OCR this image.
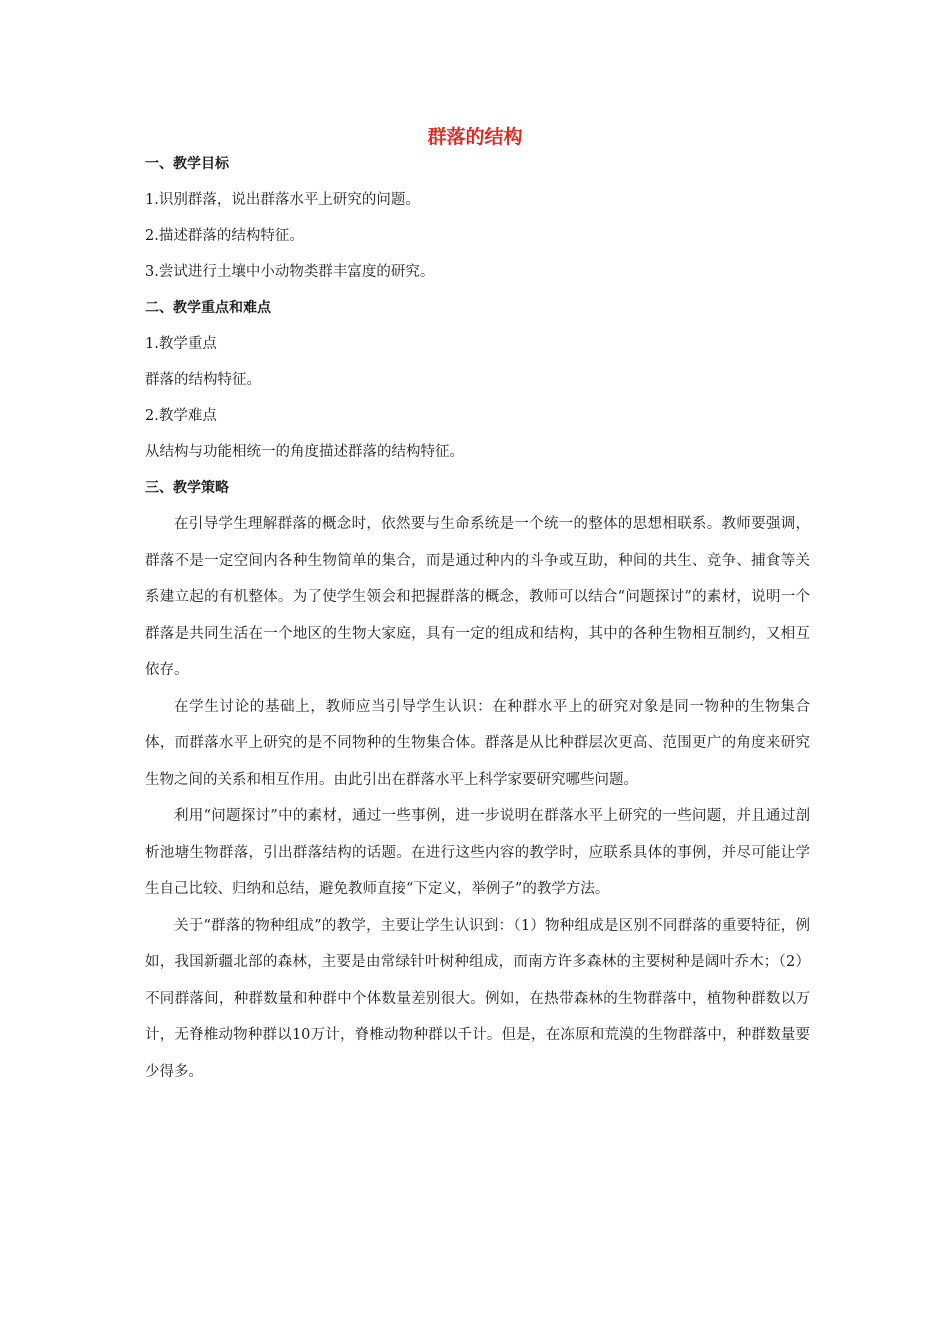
群落的结构
一、教学目标
1.识别群落，说出群落水平上研究的问题。
2.描述群落的结构特征。
3.尝试进行土壤中小动物类群丰富度的研究。
二、教学重点和难点
1.教学重点
群落的结构特征。
2.教学难点
从结构与功能相统一的角度描述群落的结构特征。
三、教学策略

在引导学生理解群落的概念时，依然要与生命系统是一个统一的整体的思想相联系。教师要强调，群落不是一定空间内各种生物简单的集合，而是通过种内的斗争或互助，种间的共生、竞争、捕食等关系建立起的有机整体。为了使学生领会和把握群落的概念，教师可以结合“问题探讨”的素材，说明一个群落是共同生活在一个地区的生物大家庭，具有一定的组成和结构，其中的各种生物相互制约，又相互依存。

在学生讨论的基础上，教师应当引导学生认识：在种群水平上的研究对象是同一物种的生物集合体，而群落水平上研究的是不同物种的生物集合体。群落是从比种群层次更高、范围更广的角度来研究生物之间的关系和相互作用。由此引出在群落水平上科学家要研究哪些问题。

利用“问题探讨”中的素材，通过一些事例，进一步说明在群落水平上研究的一些问题，并且通过剖析池塘生物群落，引出群落结构的话题。在进行这些内容的教学时，应联系具体的事例，并尽可能让学生自己比较、归纳和总结，避免教师直接“下定义，举例子”的教学方法。

关于“群落的物种组成”的教学，主要让学生认识到：（1）物种组成是区别不同群落的重要特征，例如，我国新疆北部的森林，主要是由常绿针叶树种组成，而南方许多森林的主要树种是阔叶乔木；（2）不同群落间，种群数量和种群中个体数量差别很大。例如，在热带森林的生物群落中，植物种群数以万计，无脊椎动物种群以10万计，脊椎动物种群以千计。但是，在冻原和荒漠的生物群落中，种群数量要少得多。
